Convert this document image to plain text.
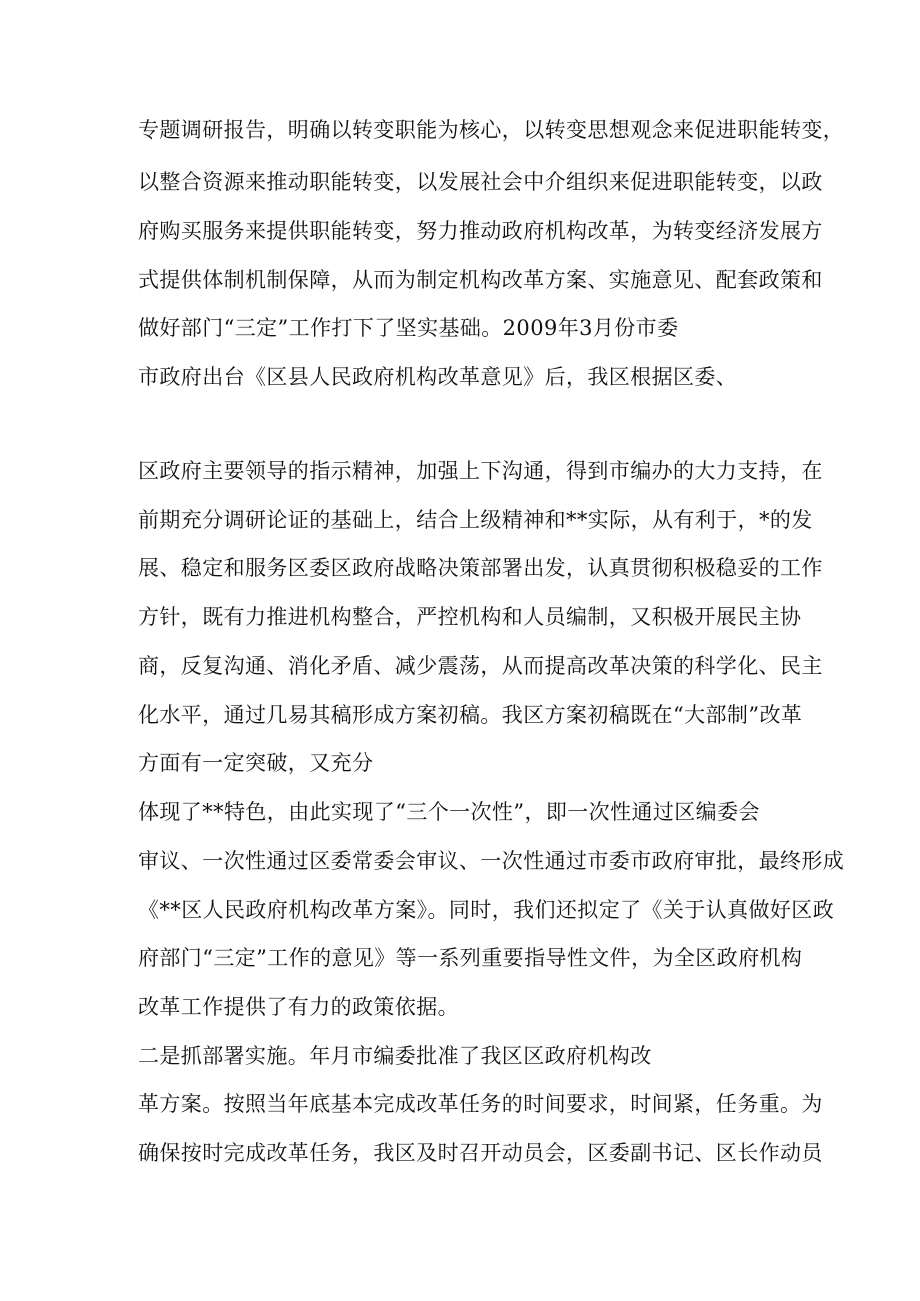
专题调研报告，明确以转变职能为核心，以转变思想观念来促进职能转变，
以整合资源来推动职能转变，以发展社会中介组织来促进职能转变，以政
府购买服务来提供职能转变，努力推动政府机构改革，为转变经济发展方
式提供体制机制保障，从而为制定机构改革方案、实施意见、配套政策和
做好部门“三定”工作打下了坚实基础。2009年3月份市委
市政府出台《区县人民政府机构改革意见》后，我区根据区委、
区政府主要领导的指示精神，加强上下沟通，得到市编办的大力支持，在
前期充分调研论证的基础上，结合上级精神和**实际，从有利于，*的发
展、稳定和服务区委区政府战略决策部署出发，认真贯彻积极稳妥的工作
方针，既有力推进机构整合，严控机构和人员编制，又积极开展民主协
商，反复沟通、消化矛盾、减少震荡，从而提高改革决策的科学化、民主
化水平，通过几易其稿形成方案初稿。我区方案初稿既在“大部制”改革
方面有一定突破，又充分
体现了**特色，由此实现了“三个一次性”，即一次性通过区编委会
审议、一次性通过区委常委会审议、一次性通过市委市政府审批，最终形成
《**区人民政府机构改革方案》。同时，我们还拟定了《关于认真做好区政
府部门“三定”工作的意见》等一系列重要指导性文件，为全区政府机构
改革工作提供了有力的政策依据。
二是抓部署实施。年月市编委批准了我区区政府机构改
革方案。按照当年底基本完成改革任务的时间要求，时间紧，任务重。为
确保按时完成改革任务，我区及时召开动员会，区委副书记、区长作动员
